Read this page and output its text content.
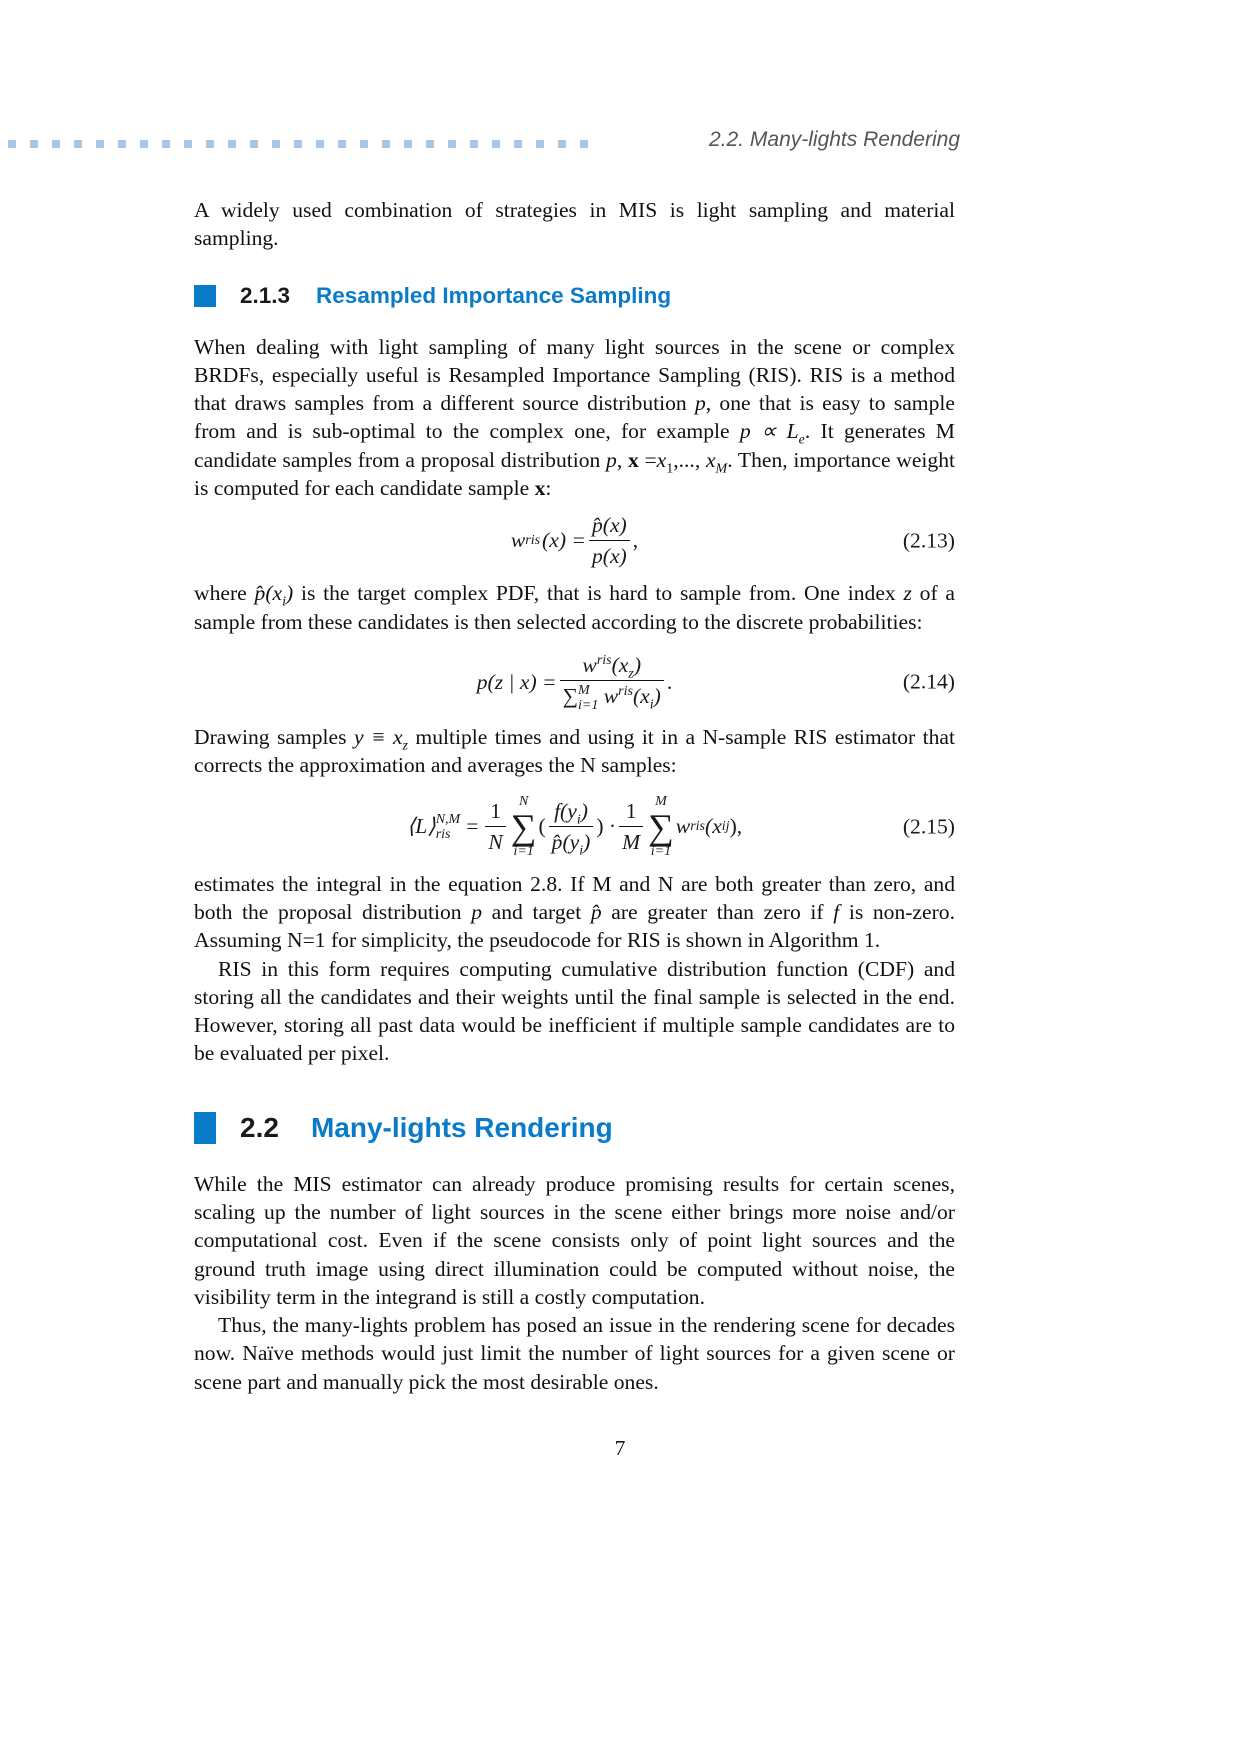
2.2. Many-lights Rendering

A widely used combination of strategies in MIS is light sampling and material sampling.

2.1.3 Resampled Importance Sampling

When dealing with light sampling of many light sources in the scene or complex BRDFs, especially useful is Resampled Importance Sampling (RIS). RIS is a method that draws samples from a different source distribution p, one that is easy to sample from and is sub-optimal to the complex one, for example $p \propto L_e$. It generates M candidate samples from a proposal distribution p, $x =x_1$,..., $x_M$. Then, importance weight is computed for each candidate sample x:

w ris $(x) = \frac{p̂(x)}{p(x)}$ ,	(2.13)

where $p̂(x_i)$ is the target complex PDF, that is hard to sample from. One index z of a sample from these candidates is then selected according to the discrete probabilities:

p(z | $x) = w^{ris}(x_z)$
∑ M
i=1 $w^{ris}(x_i)$ .	(2.14)

Drawing samples $y \equiv x_z$ multiple times and using it in a N-sample RIS estimator that corrects the approximation and averages the N samples:

⟨L⟩ N,M
ris = $\frac{1}{N}$ N
∑
i=1
( $\frac{f(y_i)}{p̂(y_i)}$ ) · $\frac{1}{M}$ M
∑
i=1
w ris (x ij ),	(2.15)

estimates the integral in the equation 2.8. If M and N are both greater than zero, and both the proposal distribution p and target p̂ are greater than zero if f is non-zero. Assuming N=1 for simplicity, the pseudocode for RIS is shown in Algorithm 1.

RIS in this form requires computing cumulative distribution function (CDF) and storing all the candidates and their weights until the final sample is selected in the end. However, storing all past data would be inefficient if multiple sample candidates are to be evaluated per pixel.

2.2 Many-lights Rendering

While the MIS estimator can already produce promising results for certain scenes, scaling up the number of light sources in the scene either brings more noise and/or computational cost. Even if the scene consists only of point light sources and the ground truth image using direct illumination could be computed without noise, the visibility term in the integrand is still a costly computation.

Thus, the many-lights problem has posed an issue in the rendering scene for decades now. Naïve methods would just limit the number of light sources for a given scene or scene part and manually pick the most desirable ones.

7
